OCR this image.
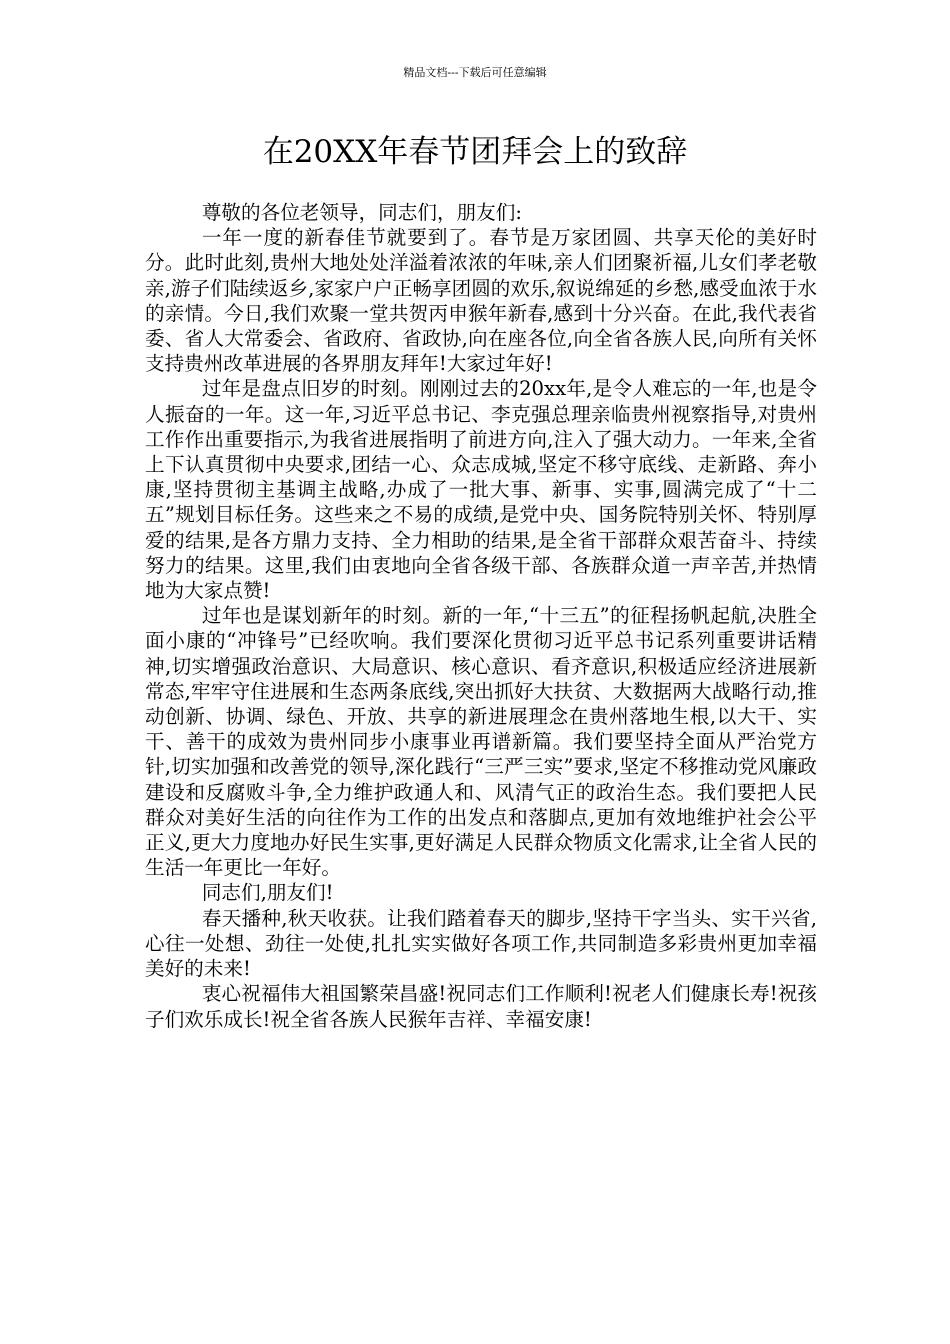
精品文档---下载后可任意编辑
在20XX年春节团拜会上的致辞

尊敬的各位老领导，同志们，朋友们:

一年一度的新春佳节就要到了。春节是万家团圆、共享天伦的美好时分。此时此刻,贵州大地处处洋溢着浓浓的年味,亲人们团聚祈福,儿女们孝老敬亲,游子们陆续返乡,家家户户正畅享团圆的欢乐,叙说绵延的乡愁,感受血浓于水的亲情。今日,我们欢聚一堂共贺丙申猴年新春,感到十分兴奋。在此,我代表省委、省人大常委会、省政府、省政协,向在座各位,向全省各族人民,向所有关怀支持贵州改革进展的各界朋友拜年!大家过年好!

过年是盘点旧岁的时刻。刚刚过去的20xx年,是令人难忘的一年,也是令人振奋的一年。这一年,习近平总书记、李克强总理亲临贵州视察指导,对贵州工作作出重要指示,为我省进展指明了前进方向,注入了强大动力。一年来,全省上下认真贯彻中央要求,团结一心、众志成城,坚定不移守底线、走新路、奔小康,坚持贯彻主基调主战略,办成了一批大事、新事、实事,圆满完成了“十二五”规划目标任务。这些来之不易的成绩,是党中央、国务院特别关怀、特别厚爱的结果,是各方鼎力支持、全力相助的结果,是全省干部群众艰苦奋斗、持续努力的结果。这里,我们由衷地向全省各级干部、各族群众道一声辛苦,并热情地为大家点赞!

过年也是谋划新年的时刻。新的一年,“十三五”的征程扬帆起航,决胜全面小康的“冲锋号”已经吹响。我们要深化贯彻习近平总书记系列重要讲话精神,切实增强政治意识、大局意识、核心意识、看齐意识,积极适应经济进展新常态,牢牢守住进展和生态两条底线,突出抓好大扶贫、大数据两大战略行动,推动创新、协调、绿色、开放、共享的新进展理念在贵州落地生根,以大干、实干、善干的成效为贵州同步小康事业再谱新篇。我们要坚持全面从严治党方针,切实加强和改善党的领导,深化践行“三严三实”要求,坚定不移推动党风廉政建设和反腐败斗争,全力维护政通人和、风清气正的政治生态。我们要把人民群众对美好生活的向往作为工作的出发点和落脚点,更加有效地维护社会公平正义,更大力度地办好民生实事,更好满足人民群众物质文化需求,让全省人民的生活一年更比一年好。

同志们,朋友们!

春天播种,秋天收获。让我们踏着春天的脚步,坚持干字当头、实干兴省,心往一处想、劲往一处使,扎扎实实做好各项工作,共同制造多彩贵州更加幸福美好的未来!

衷心祝福伟大祖国繁荣昌盛!祝同志们工作顺利!祝老人们健康长寿!祝孩子们欢乐成长!祝全省各族人民猴年吉祥、幸福安康!
